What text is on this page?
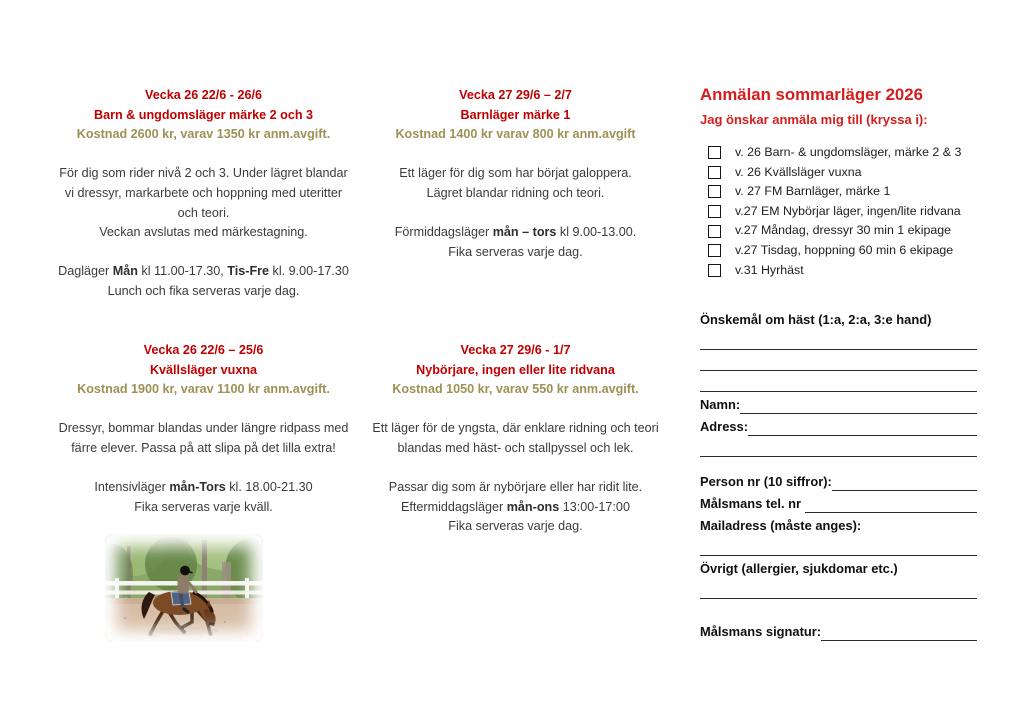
Vecka 26 22/6 - 26/6
Barn & ungdomsläger märke 2 och 3
Kostnad 2600 kr, varav 1350 kr anm.avgift.
För dig som rider nivå 2 och 3. Under lägret blandar vi dressyr, markarbete och hoppning med uteritter och teori.
Veckan avslutas med märkestagning.
Dagläger Mån kl 11.00-17.30, Tis-Fre kl. 9.00-17.30
Lunch och fika serveras varje dag.
Vecka 26 22/6 – 25/6
Kvällsläger vuxna
Kostnad 1900 kr, varav 1100 kr anm.avgift.
Dressyr, bommar blandas under längre ridpass med färre elever. Passa på att slipa på det lilla extra!
Intensivläger mån-Tors kl. 18.00-21.30
Fika serveras varje kväll.
Vecka 27 29/6 – 2/7
Barnläger märke 1
Kostnad 1400 kr varav 800 kr anm.avgift
Ett läger för dig som har börjat galoppera.
Lägret blandar ridning och teori.
Förmiddagsläger mån – tors kl 9.00-13.00.
Fika serveras varje dag.
Vecka 27 29/6 - 1/7
Nybörjare, ingen eller lite ridvana
Kostnad 1050 kr, varav 550 kr anm.avgift.
Ett läger för de yngsta, där enklare ridning och teori blandas med häst- och stallpyssel och lek.
Passar dig som är nybörjare eller har ridit lite.
Eftermiddagsläger mån-ons 13:00-17:00
Fika serveras varje dag.
Anmälan sommarläger 2026
Jag önskar anmäla mig till (kryssa i):
v. 26 Barn- & ungdomsläger, märke 2 & 3
v. 26 Kvällsläger vuxna
v. 27 FM Barnläger, märke 1
v.27 EM Nybörjar läger, ingen/lite ridvana
v.27 Måndag, dressyr 30 min 1 ekipage
v.27 Tisdag, hoppning 60 min 6 ekipage
v.31 Hyrhäst
Önskemål om häst (1:a, 2:a, 3:e hand)
Namn:
Adress:
Person nr (10 siffror):
Målsmans tel. nr
Mailadress (måste anges):
Övrigt (allergier, sjukdomar etc.)
Målsmans signatur:
